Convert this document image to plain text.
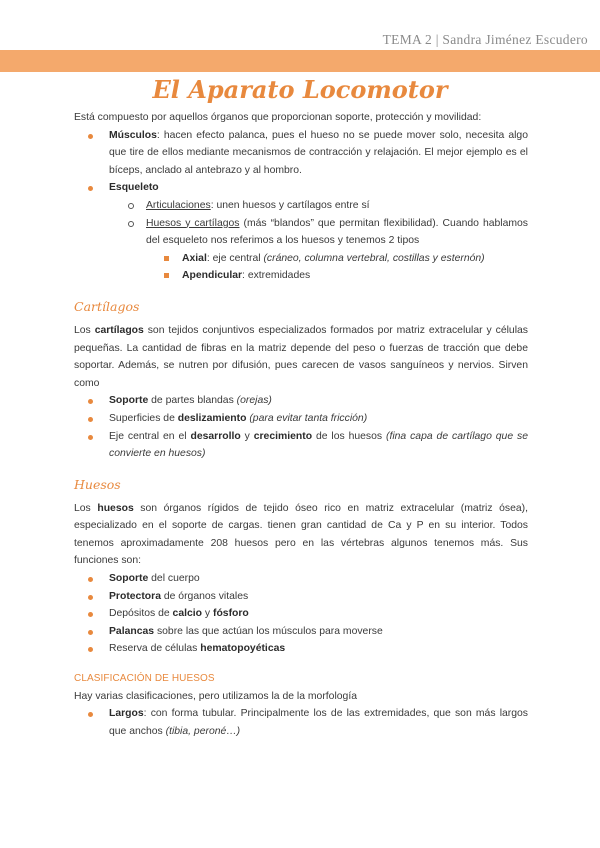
TEMA 2 | Sandra Jiménez Escudero
El Aparato Locomotor

Está compuesto por aquellos órganos que proporcionan soporte, protección y movilidad:

Músculos: hacen efecto palanca, pues el hueso no se puede mover solo, necesita algo que tire de ellos mediante mecanismos de contracción y relajación. El mejor ejemplo es el bíceps, anclado al antebrazo y al hombro.

Esqueleto
Articulaciones: unen huesos y cartílagos entre sí

Huesos y cartílagos (más “blandos” que permitan flexibilidad). Cuando hablamos del esqueleto nos referimos a los huesos y tenemos 2 tipos

Axial: eje central (cráneo, columna vertebral, costillas y esternón)
Apendicular: extremidades
Cartílagos

Los cartílagos son tejidos conjuntivos especializados formados por matriz extracelular y células pequeñas. La cantidad de fibras en la matriz depende del peso o fuerzas de tracción que debe soportar. Además, se nutren por difusión, pues carecen de vasos sanguíneos y nervios. Sirven como

Soporte de partes blandas (orejas)
Superficies de deslizamiento (para evitar tanta fricción)

Eje central en el desarrollo y crecimiento de los huesos (fina capa de cartílago que se convierte en huesos)

Huesos

Los huesos son órganos rígidos de tejido óseo rico en matriz extracelular (matriz ósea), especializado en el soporte de cargas. tienen gran cantidad de Ca y P en su interior. Todos tenemos aproximadamente 208 huesos pero en las vértebras algunos tenemos más. Sus funciones son:

Soporte del cuerpo
Protectora de órganos vitales
Depósitos de calcio y fósforo
Palancas sobre las que actúan los músculos para moverse
Reserva de células hematopoyéticas
CLASIFICACIÓN DE HUESOS

Hay varias clasificaciones, pero utilizamos la de la morfología

Largos: con forma tubular. Principalmente los de las extremidades, que son más largos que anchos (tibia, peroné…)
